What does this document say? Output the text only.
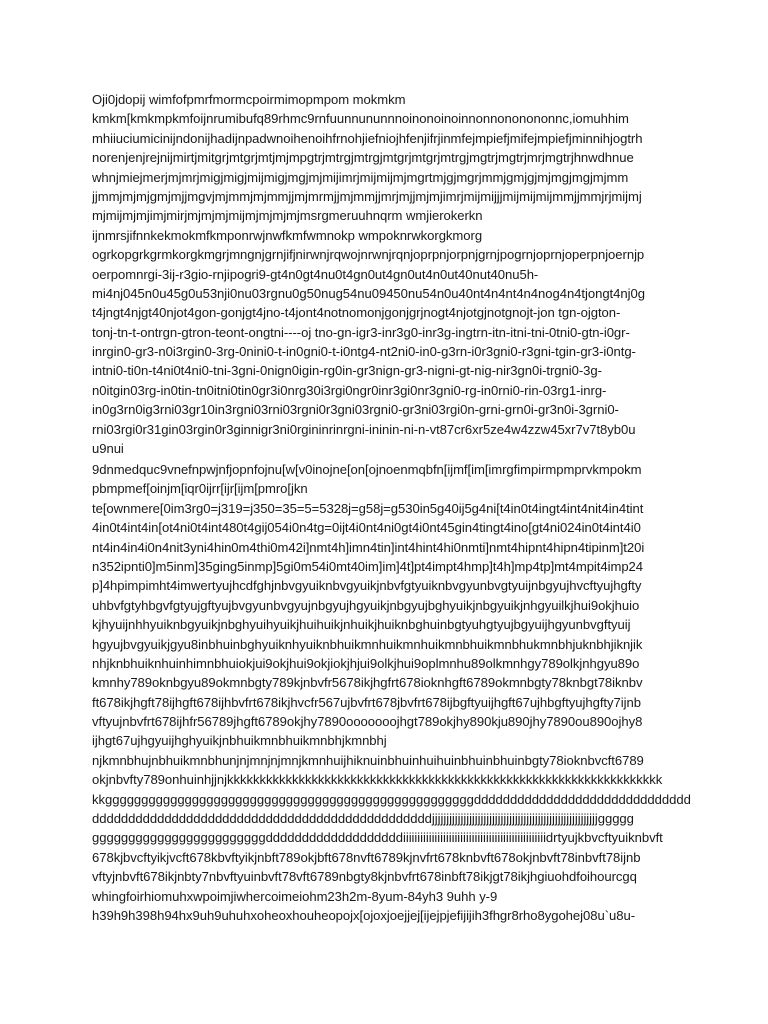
Oji0jdopij wimfofpmrfmormcpoirmimopmpom mokmkm
kmkm[kmkmpkmfoijnrumibufq89rhmc9rnfuunnununnnoinonoinoinnonnononononnc,iomuhhim
mhiiuciumicinijndonijhadijnpadwnoihenoihfrnohjiefniojhfenjifrjinmfejmpiefjmifejmpiefjminnihjogtrh
norenjenjrejnijmirtjmitgrjmtgrjmtjmjmpgtrjmtrgjmtrgjmtgrjmtgrjmtrgjmgtrjmgtrjmrjmgtrjhnwdhnue
whnjmiejmerjmjmrjmigjmigjmijmigjmgjmjmijimrjmijmijmjmgrtmjgjmgrjmmjgmjgjmjmgjmgjmjmm
jjmmjmjmjgmjmjjmgvjmjmmjmjmmjjmjmrmjjmjmmjjmrjmjjmjmjimrjmijmijjjmijmijmijmmjjmmjrjmijmj
mjmijmjmjimjmirjmjmjmjmijmjmjmjmjmsrgmeruuhnqrm wmjierokerkn
ijnmrsjifnnkekmokmfkmponrwjnwfkmfwmnokp wmpoknrwkorgkmorg
ogrkopgrkgrmkorgkmgrjmngnjgrnjifjnirwnjrqwojnrwnjrqnjoprpnjorpnjgrnjpogrnjoprnjoperpnjoernjp
oerpomnrgi-3ij-r3gio-rnjipogri9-gt4n0gt4nu0t4gn0ut4gn0ut4n0ut40nut40nu5h-
mi4nj045n0u45g0u53nji0nu03rgnu0g50nug54nu09450nu54n0u40nt4n4nt4n4nog4n4tjongt4nj0g
t4jngt4njgt40njot4gon-gonjgt4jno-t4jont4notnomonjgonjgrjnogt4njotgjnotgnojt-jon tgn-ojgton-
tonj-tn-t-ontrgn-gtron-teont-ongtni----oj tno-gn-igr3-inr3g0-inr3g-ingtrn-itn-itni-tni-0tni0-gtn-i0gr-
inrgin0-gr3-n0i3rgin0-3rg-0nini0-t-in0gni0-t-i0ntg4-nt2ni0-in0-g3rn-i0r3gni0-r3gni-tgin-gr3-i0ntg-
intni0-ti0n-t4ni0t4ni0-tni-3gni-0nign0igin-rg0in-gr3nign-gr3-nigni-gt-nig-nir3gn0i-trgni0-3g-
n0itgin03rg-in0tin-tn0itni0tin0gr3i0nrg30i3rgi0ngr0inr3gi0nr3gni0-rg-in0rni0-rin-03rg1-inrg-
in0g3rn0ig3rni03gr10in3rgni03rni03rgni0r3gni03rgni0-gr3ni03rgi0n-grni-grn0i-gr3n0i-3grni0-
rni03rgi0r31gin03rgin0r3ginnigr3ni0rgininrinrgni-ininin-ni-n-vt87cr6xr5ze4w4zzw45xr7v7t8yb0u
u9nui
9dnmedquc9vnefnpwjnfjopnfojnu[w[v0inojne[on[ojnoenmqbfn[ijmf[im[imrgfimpirmpmprvkmpokm
pbmpmef[oinjm[iqr0ijrr[ijr[ijm[pmro[jkn
te[ownmere[0im3rg0=j319=j350=35=5=5328j=g58j=g530in5g40ij5g4ni[t4in0t4ingt4int4nit4in4tint
4in0t4int4in[ot4ni0t4int480t4gij054i0n4tg=0ijt4i0nt4ni0gt4i0nt45gin4tingt4ino[gt4ni024in0t4int4i0
nt4in4in4i0n4nit3yni4hin0m4thi0m42i]nmt4h]imn4tin]int4hint4hi0nmti]nmt4hipnt4hipn4tipinm]t20i
n352ipnti0]m5inm]35ging5inmp]5gi0m54i0mt40im]im]4t]pt4impt4hmp]t4h]mp4tp]mt4mpit4imp24
p]4hpimpimht4imwertyujhcdfghjnbvgyuiknbvgyuikjnbvfgtyuiknbvgyunbvgtyuijnbgyujhvcftyujhgfty
uhbvfgtyhbgvfgtyujgftyujbvgyunbvgyujnbgyujhgyuikjnbgyujbghyuikjnbgyuikjnhgyuilkjhui9okjhuio
kjhyuijnhhyuiknbgyuikjnbghyuihyuikjhuihuikjnhuikjhuiknbghuinbgtyuhgtyujbgyuijhgyunbvgftyuij
hgyujbvgyuikjgyu8inbhuinbghyuiknhyuiknbhuikmnhuikmnhuikmnbhuikmnbhukmnbhjuknbhjiknjik
nhjknbhuiknhuinhimnbhuiokjui9okjhui9okjiokjhjui9olkjhui9oplmnhu89olkmnhgy789olkjnhgyu89o
kmnhy789oknbgyu89okmnbgty789kjnbvfr5678ikjhgfrt678ioknhgft6789okmnbgty78knbgt78iknbv
ft678ikjhgft78ijhgft678ijhbvfrt678ikjhvcfr567ujbvfrt678jbvfrt678ijbgftyuijhgft67ujhbgftyujhgfty7ijnb
vftyujnbvfrt678ijhfr56789jhgft6789okjhy7890ooooooojhgt789okjhy890kju890jhy7890ou890ojhy8
ijhgt67ujhgyuijhghyuikjnbhuikmnbhuikmnbhjkmnbhj
njkmnbhujnbhuikmnbhunjnjmnjnjmnjkmnhuijhiknuinbhuinhuihuinbhuinbhuinbgty78ioknbvcft6789
okjnbvfty789onhuinhjjnjkkkkkkkkkkkkkkkkkkkkkkkkkkkkkkkkkkkkkkkkkkkkkkkkkkkkkkkkkkkkkkkkkkk
kkgggggggggggggggggggggggggggggggggggggggggggggggggggdddddddddddddddddddddddddddddd
dddddddddddddddddddddddddddddddddddddddddddddddjjjjjjjjjjjjjjjjjjjjjjjjjjjjjjjjjjjjjjjjjjjjjjjjjjjjjjjjjjggggg
ggggggggggggggggggggggggdddddddddddddddddddiiiiiiiiiiiiiiiiiiiiiiiiiiiiiiiiiiiiiiiiiiiiiiiiiidrtyujkbvcftyuiknbvft
678kjbvcftyikjvcft678kbvftyikjnbft789okjbft678nvft6789kjnvfrt678knbvft678okjnbvft78inbvft78ijnb
vftyjnbvft678ikjnbty7nbvftyuinbvft78vft6789nbgty8kjnbvfrt678inbft78ikjgt78ikjhgiuohdfoihourcgq
whingfoirhiomuhxwpoimjiwhercoimeiohm23h2m-8yum-84yh3 9uhh y-9
h39h9h398h94hx9uh9uhuhxoheoxhouheopojx[ojoxjoejjej[ijejpjefijijih3fhgr8rho8ygohej08u`u8u-
